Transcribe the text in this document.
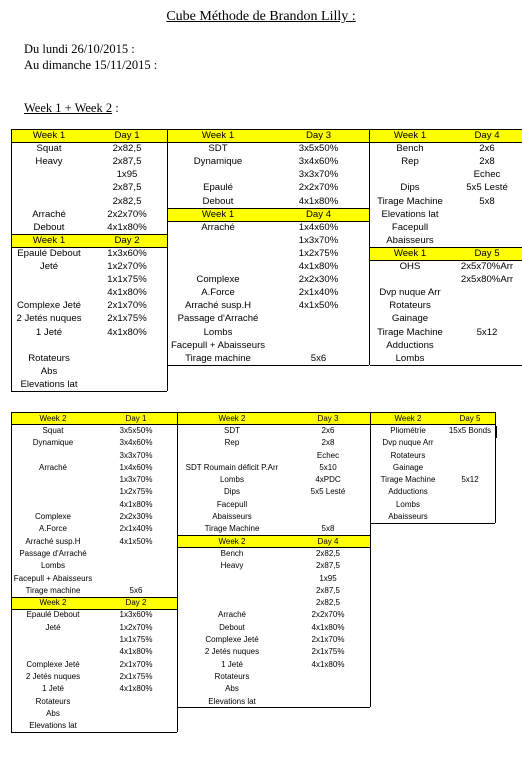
Cube Méthode de Brandon Lilly :
Du lundi 26/10/2015 :
Au dimanche 15/11/2015 :
Week 1 + Week 2 :
Week 1	Day 1
Squat	2x82,5
Heavy	2x87,5
1x95
2x87,5
2x82,5
Arraché	2x2x70%
Debout	4x1x80%
Week 1	Day 2
Epaulé Debout	1x3x60%
Jeté	1x2x70%
1x1x75%
4x1x80%
Complexe Jeté	2x1x70%
2 Jetés nuques	2x1x75%
1 Jeté	4x1x80%
Rotateurs
Abs
Elevations lat
Week 1	Day 3
SDT	3x5x50%
Dynamique	3x4x60%
3x3x70%
Epaulé	2x2x70%
Debout	4x1x80%
Week 1	Day 4
Arraché	1x4x60%
1x3x70%
1x2x75%
4x1x80%
Complexe	2x2x30%
A.Force	2x1x40%
Arraché susp.H	4x1x50%
Passage d'Arraché
Lombs
Facepull + Abaisseurs
Tirage machine	5x6
Week 1	Day 4
Bench	2x6
Rep	2x8
Echec
Dips	5x5 Lesté
Tirage Machine	5x8
Elevations lat
Facepull
Abaisseurs
Week 1	Day 5
OHS	2x5x70%Arr
2x5x80%Arr
Dvp nuque Arr
Rotateurs
Gainage
Tirage Machine	5x12
Adductions
Lombs
Week 2	Day 1
Squat	3x5x50%
Dynamique	3x4x60%
3x3x70%
Arraché	1x4x60%
1x3x70%
1x2x75%
4x1x80%
Complexe	2x2x30%
A.Force	2x1x40%
Arraché susp.H	4x1x50%
Passage d'Arraché
Lombs
Facepull + Abaisseurs
Tirage machine	5x6
Week 2	Day 2
Epaulé Debout	1x3x60%
Jeté	1x2x70%
1x1x75%
4x1x80%
Complexe Jeté	2x1x70%
2 Jetés nuques	2x1x75%
1 Jeté	4x1x80%
Rotateurs
Abs
Elevations lat
Week 2	Day 3
SDT	2x6
Rep	2x8
Echec
SDT Roumain déficit P.Arr	5x10
Lombs	4xPDC
Dips	5x5 Lesté
Facepull
Abaisseurs
Tirage Machine	5x8
Week 2	Day 4
Bench	2x82,5
Heavy	2x87,5
1x95
2x87,5
2x82,5
Arraché	2x2x70%
Debout	4x1x80%
Complexe Jeté	2x1x70%
2 Jetés nuques	2x1x75%
1 Jeté	4x1x80%
Rotateurs
Abs
Elevations lat
Week 2	Day 5
Pliométrie	15x5 Bonds
Dvp nuque Arr
Rotateurs
Gainage
Tirage Machine	5x12
Adductions
Lombs
Abaisseurs
